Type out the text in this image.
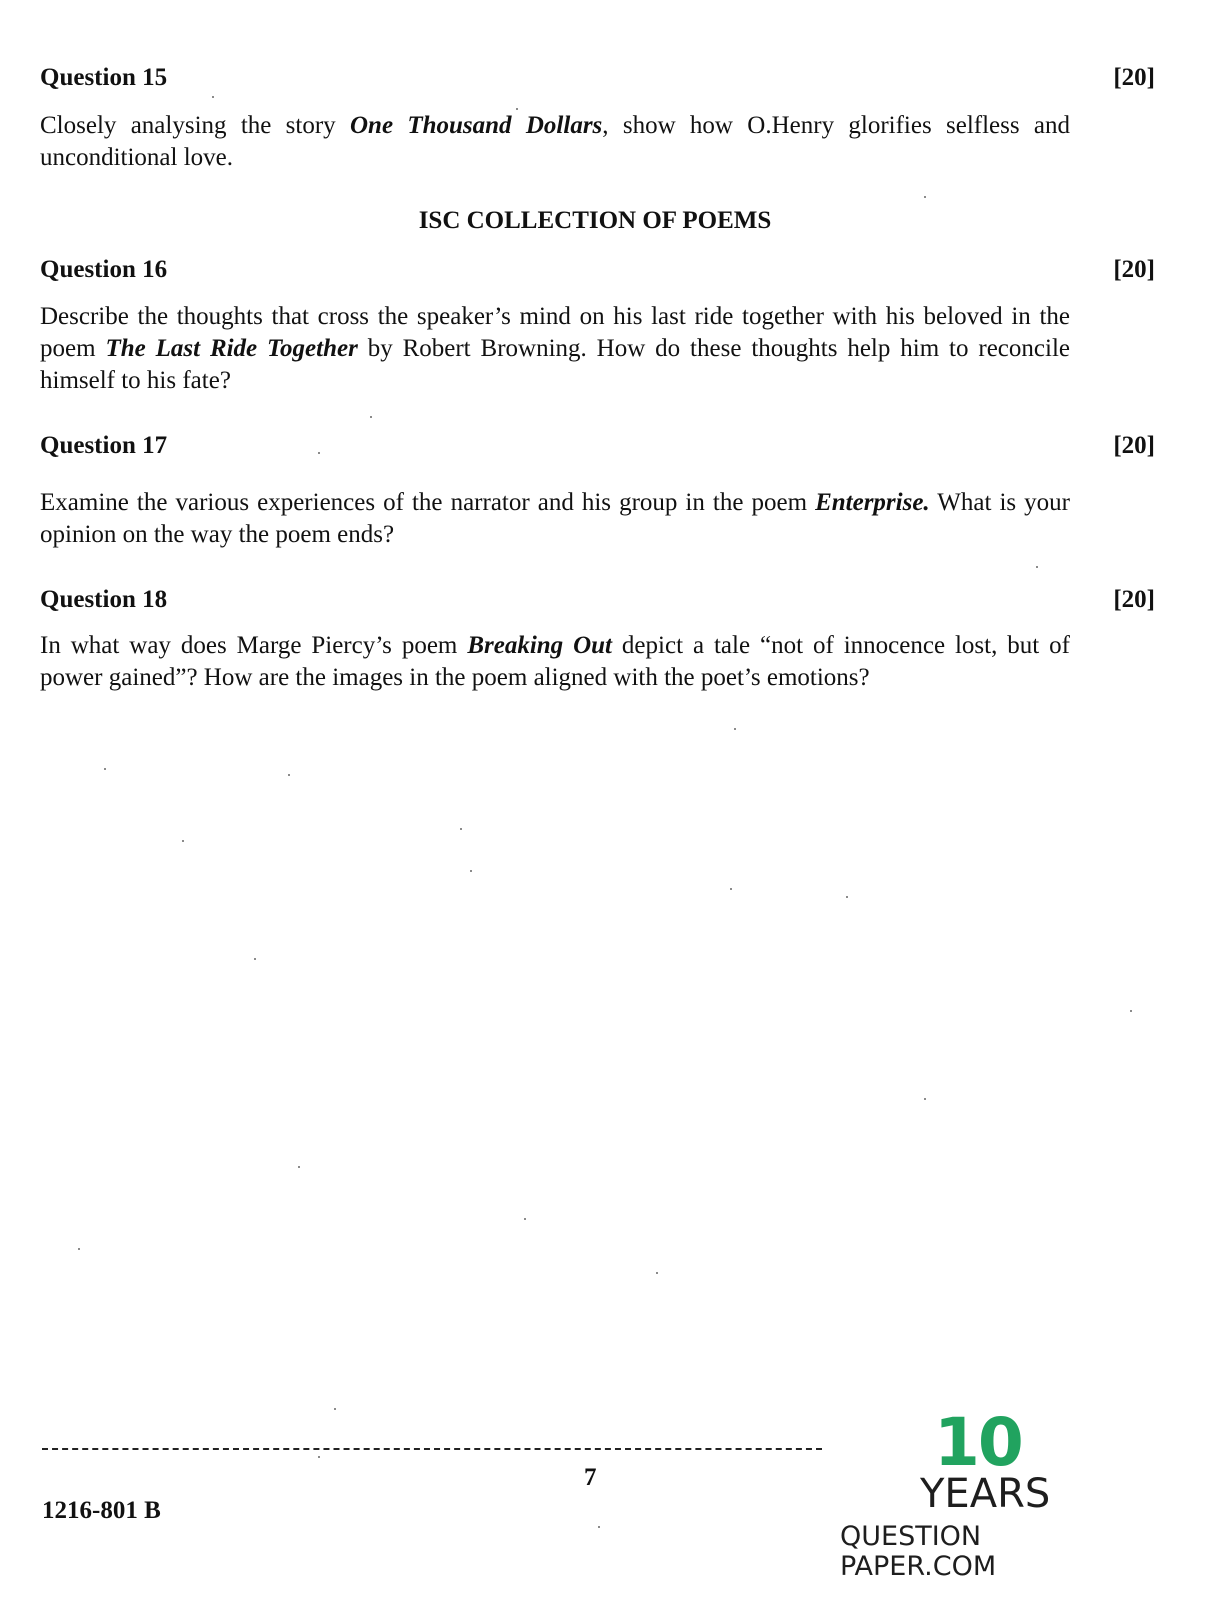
Question 15	[20]
Closely analysing the story One Thousand Dollars, show how O.Henry glorifies selfless and unconditional love.
ISC COLLECTION OF POEMS
Question 16	[20]
Describe the thoughts that cross the speaker’s mind on his last ride together with his beloved in the poem The Last Ride Together by Robert Browning. How do these thoughts help him to reconcile himself to his fate?
Question 17	[20]
Examine the various experiences of the narrator and his group in the poem Enterprise. What is your opinion on the way the poem ends?
Question 18	[20]
In what way does Marge Piercy’s poem Breaking Out depict a tale “not of innocence lost, but of power gained”? How are the images in the poem aligned with the poet’s emotions?
7
1216-801 B
10
YEARS
QUESTION PAPER.COM
